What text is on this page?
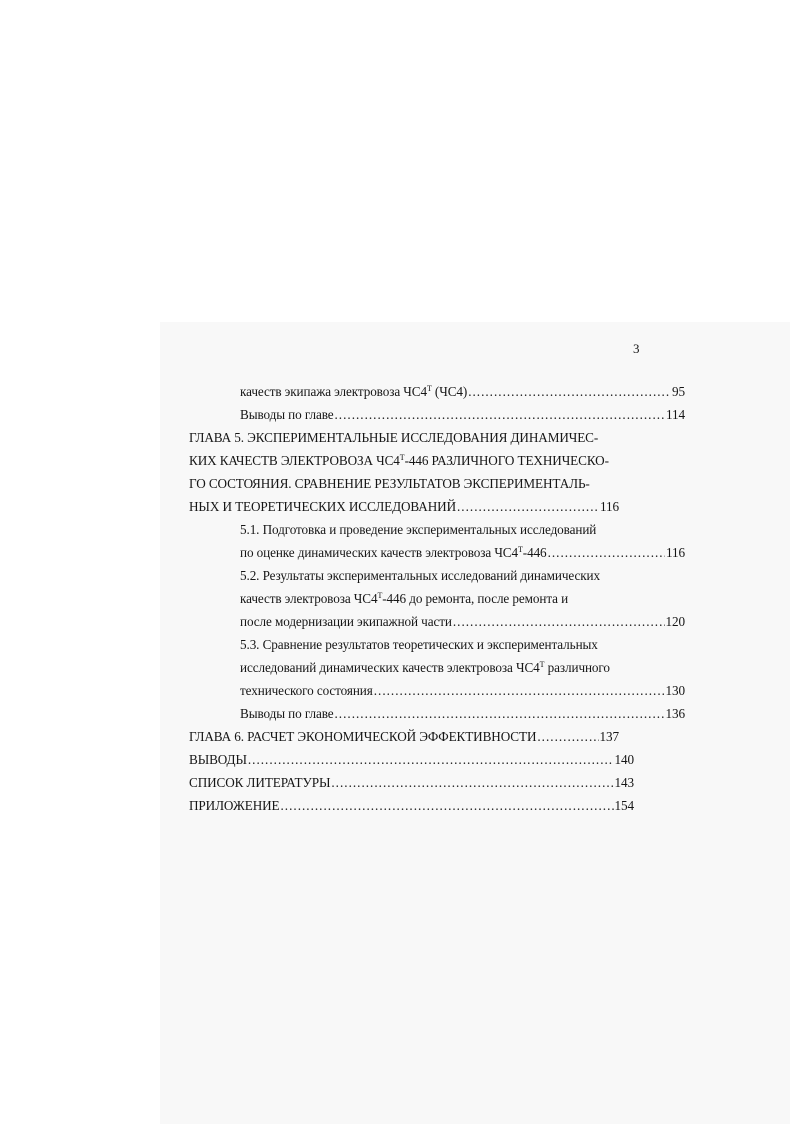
3
качеств экипажа электровоза $ЧС4^Т$ (ЧС4) .....	95
Выводы по главе .....	114
ГЛАВА 5. ЭКСПЕРИМЕНТАЛЬНЫЕ ИССЛЕДОВАНИЯ ДИНАМИЧЕС-
КИХ КАЧЕСТВ ЭЛЕКТРОВОЗА $ЧС4^Т-446$ РАЗЛИЧНОГО ТЕХНИЧЕСКО-
ГО СОСТОЯНИЯ. СРАВНЕНИЕ РЕЗУЛЬТАТОВ ЭКСПЕРИМЕНТАЛЬ-
НЫХ И ТЕОРЕТИЧЕСКИХ ИССЛЕДОВАНИЙ .....	116
5.1. Подготовка и проведение экспериментальных исследований
по оценке динамических качеств электровоза $ЧС4^Т-446$ .....	116
5.2. Результаты экспериментальных исследований динамических
качеств электровоза $ЧС4^Т-446$ до ремонта, после ремонта и
после модернизации экипажной части .....	120
5.3. Сравнение результатов теоретических и экспериментальных
исследований динамических качеств электровоза $ЧС4^Т$ различного
технического состояния .....	130
Выводы по главе .....	136
ГЛАВА 6. РАСЧЕТ ЭКОНОМИЧЕСКОЙ ЭФФЕКТИВНОСТИ .....	137
ВЫВОДЫ .....	140
СПИСОК ЛИТЕРАТУРЫ .....	143
ПРИЛОЖЕНИЕ .....	154
